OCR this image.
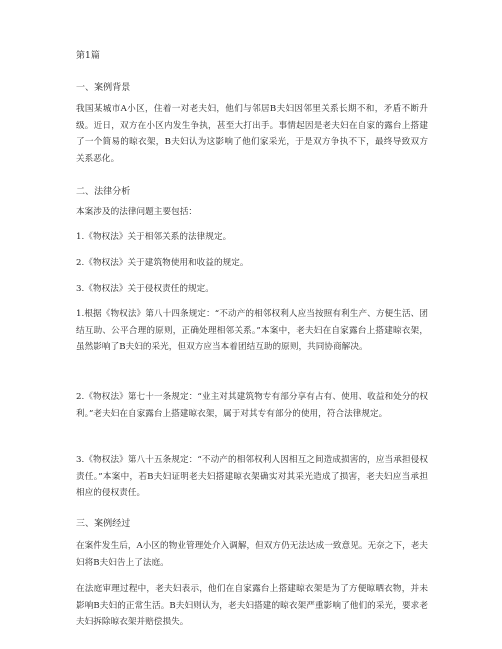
第1篇
一、案例背景
我国某城市A小区，住着一对老夫妇，他们与邻居B夫妇因邻里关系长期不和，矛盾不断升级。近日，双方在小区内发生争执，甚至大打出手。事情起因是老夫妇在自家的露台上搭建了一个简易的晾衣架，B夫妇认为这影响了他们家采光，于是双方争执不下，最终导致双方关系恶化。
二、法律分析
本案涉及的法律问题主要包括：
1.《物权法》关于相邻关系的法律规定。
2.《物权法》关于建筑物使用和收益的规定。
3.《物权法》关于侵权责任的规定。
1.根据《物权法》第八十四条规定：“不动产的相邻权利人应当按照有利生产、方便生活、团结互助、公平合理的原则，正确处理相邻关系。”本案中，老夫妇在自家露台上搭建晾衣架，虽然影响了B夫妇的采光，但双方应当本着团结互助的原则，共同协商解决。
2.《物权法》第七十一条规定：“业主对其建筑物专有部分享有占有、使用、收益和处分的权利。”老夫妇在自家露台上搭建晾衣架，属于对其专有部分的使用，符合法律规定。
3.《物权法》第八十五条规定：“不动产的相邻权利人因相互之间造成损害的，应当承担侵权责任。”本案中，若B夫妇证明老夫妇搭建晾衣架确实对其采光造成了损害，老夫妇应当承担相应的侵权责任。
三、案例经过
在案件发生后，A小区的物业管理处介入调解，但双方仍无法达成一致意见。无奈之下，老夫妇将B夫妇告上了法庭。
在法庭审理过程中，老夫妇表示，他们在自家露台上搭建晾衣架是为了方便晾晒衣物，并未影响B夫妇的正常生活。B夫妇则认为，老夫妇搭建的晾衣架严重影响了他们的采光，要求老夫妇拆除晾衣架并赔偿损失。
